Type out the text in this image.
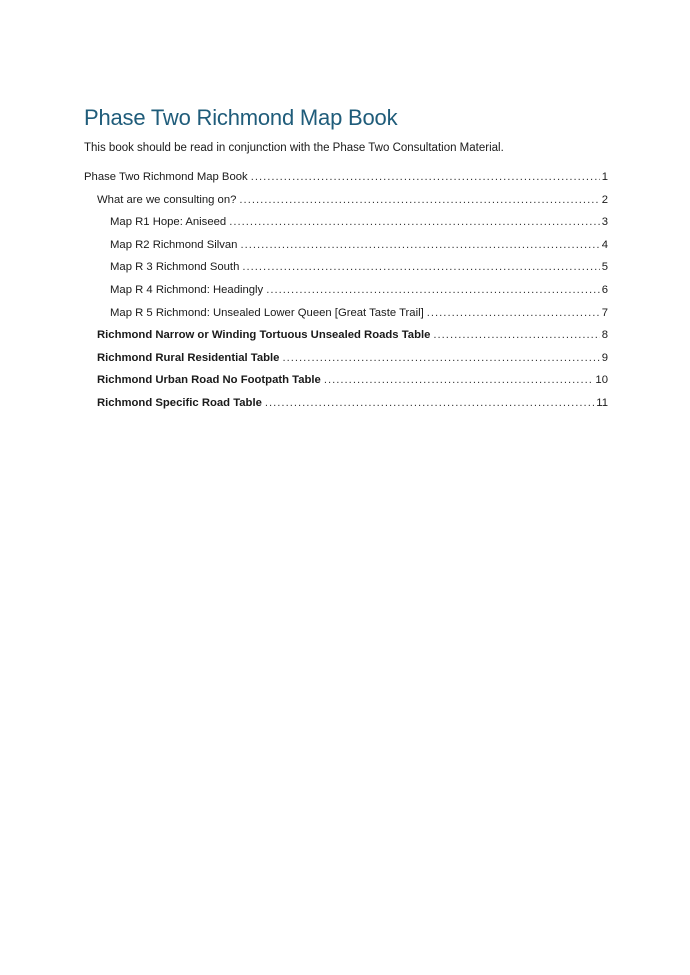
Phase Two Richmond Map Book

This book should be read in conjunction with the Phase Two Consultation Material.

Phase Two Richmond Map Book .....	1
What are we consulting on? .....	2
Map R1 Hope: Aniseed .....	3
Map R2 Richmond Silvan .....	4
Map R 3 Richmond South .....	5
Map R 4 Richmond: Headingly .....	6
Map R 5 Richmond: Unsealed Lower Queen [Great Taste Trail] .....	7
Richmond Narrow or Winding Tortuous Unsealed Roads Table .....	8
Richmond Rural Residential Table .....	9
Richmond Urban Road No Footpath Table .....	10
Richmond Specific Road Table .....	11
